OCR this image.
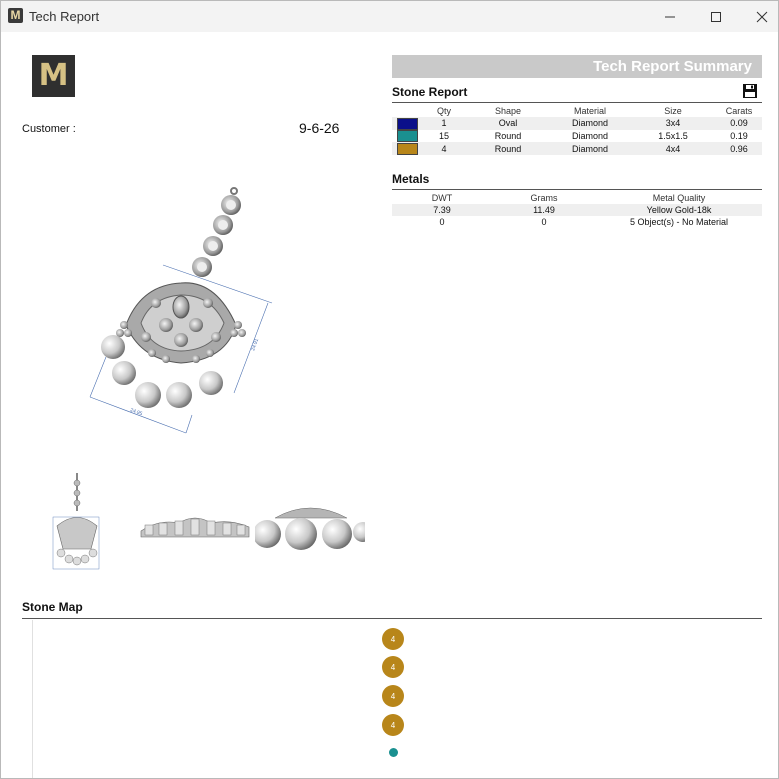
M Tech Report
M
Customer :	9-6-26
24.91
24.95
Tech Report Summary
Stone Report
	Qty	Shape	Material	Size	Carats
	1	Oval	Diamond	3x4	0.09
	15	Round	Diamond	1.5x1.5	0.19
	4	Round	Diamond	4x4	0.96
Metals
DWT	Grams	Metal Quality
7.39	11.49	Yellow Gold-18k
0	0	5 Object(s) - No Material
Stone Map
4
4
4
4
